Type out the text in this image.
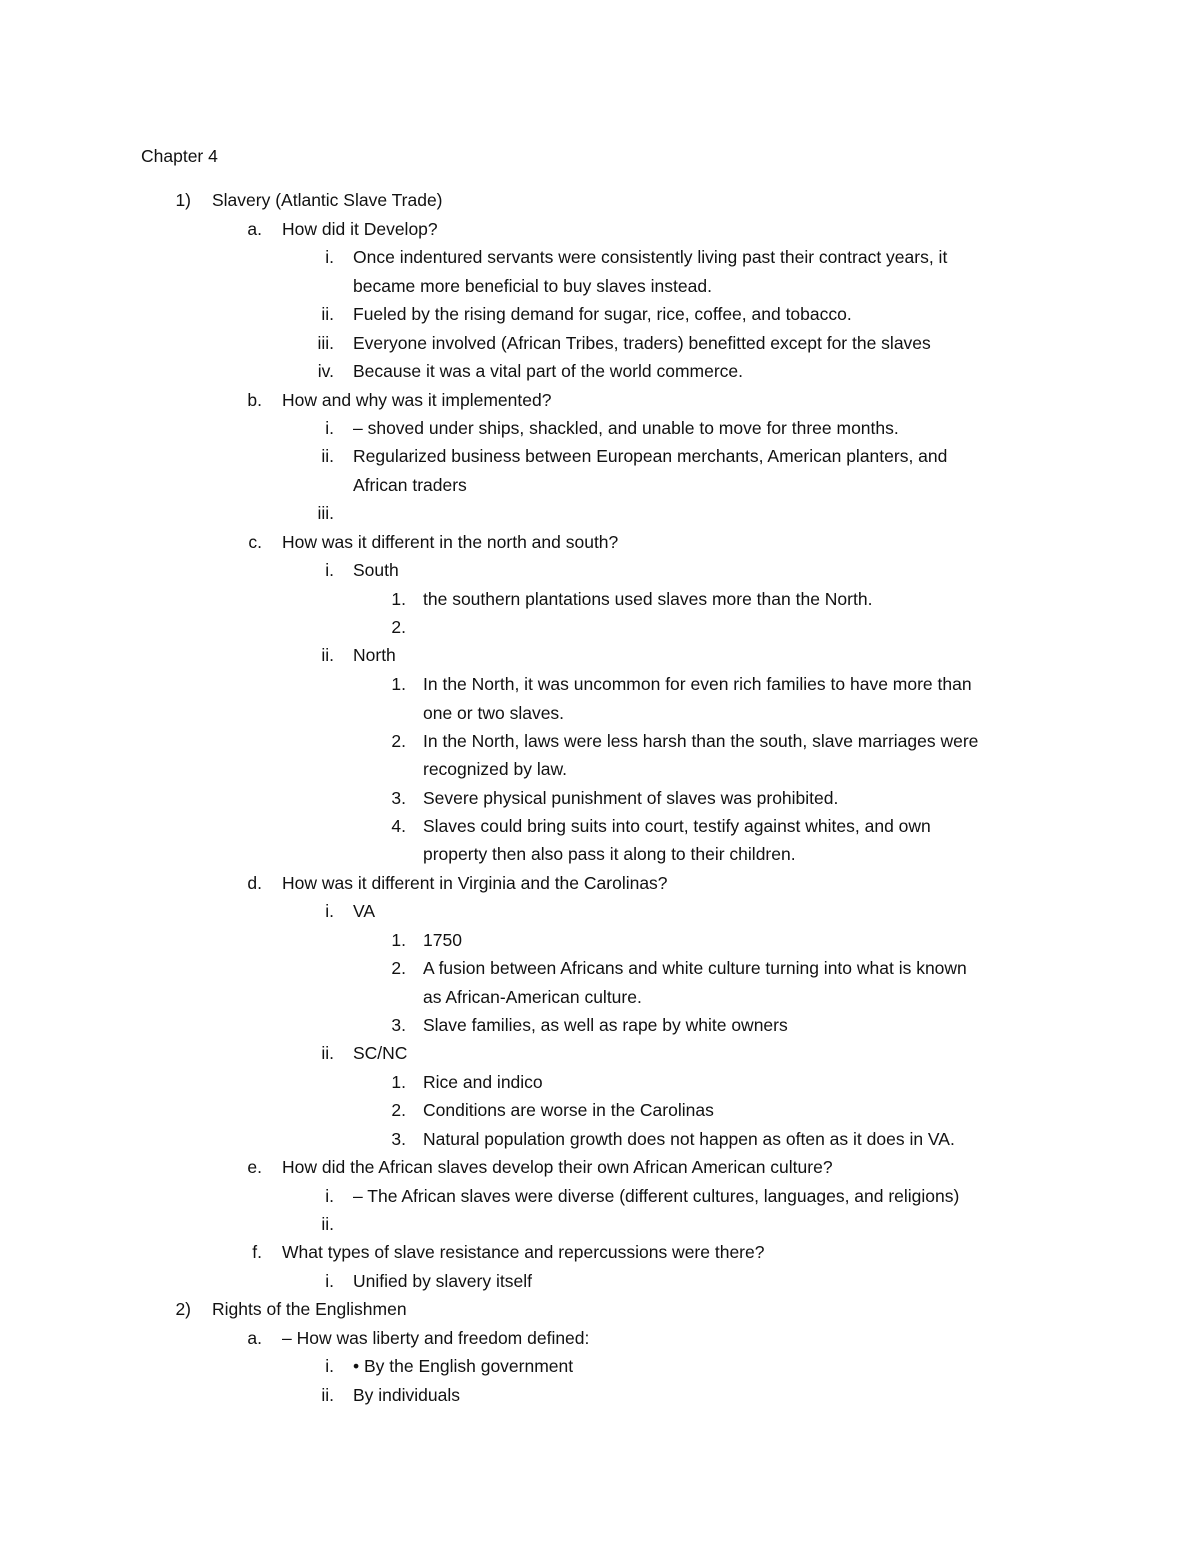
Chapter 4
1) Slavery (Atlantic Slave Trade)
a. How did it Develop?
i. Once indentured servants were consistently living past their contract years, it
became more beneficial to buy slaves instead.
ii. Fueled by the rising demand for sugar, rice, coffee, and tobacco.
iii. Everyone involved (African Tribes, traders) benefitted except for the slaves
iv. Because it was a vital part of the world commerce.
b. How and why was it implemented?
i. – shoved under ships, shackled, and unable to move for three months.
ii. Regularized business between European merchants, American planters, and
African traders
iii.
c. How was it different in the north and south?
i. South
1. the southern plantations used slaves more than the North.
2.
ii. North
1. In the North, it was uncommon for even rich families to have more than
one or two slaves.
2. In the North, laws were less harsh than the south, slave marriages were
recognized by law.
3. Severe physical punishment of slaves was prohibited.
4. Slaves could bring suits into court, testify against whites, and own
property then also pass it along to their children.
d. How was it different in Virginia and the Carolinas?
i. VA
1. 1750
2. A fusion between Africans and white culture turning into what is known
as African-American culture.
3. Slave families, as well as rape by white owners
ii. SC/NC
1. Rice and indico
2. Conditions are worse in the Carolinas
3. Natural population growth does not happen as often as it does in VA.
e. How did the African slaves develop their own African American culture?
i. – The African slaves were diverse (different cultures, languages, and religions)
ii.
f. What types of slave resistance and repercussions were there?
i. Unified by slavery itself
2) Rights of the Englishmen
a. – How was liberty and freedom defined:
i. • By the English government
ii. By individuals
